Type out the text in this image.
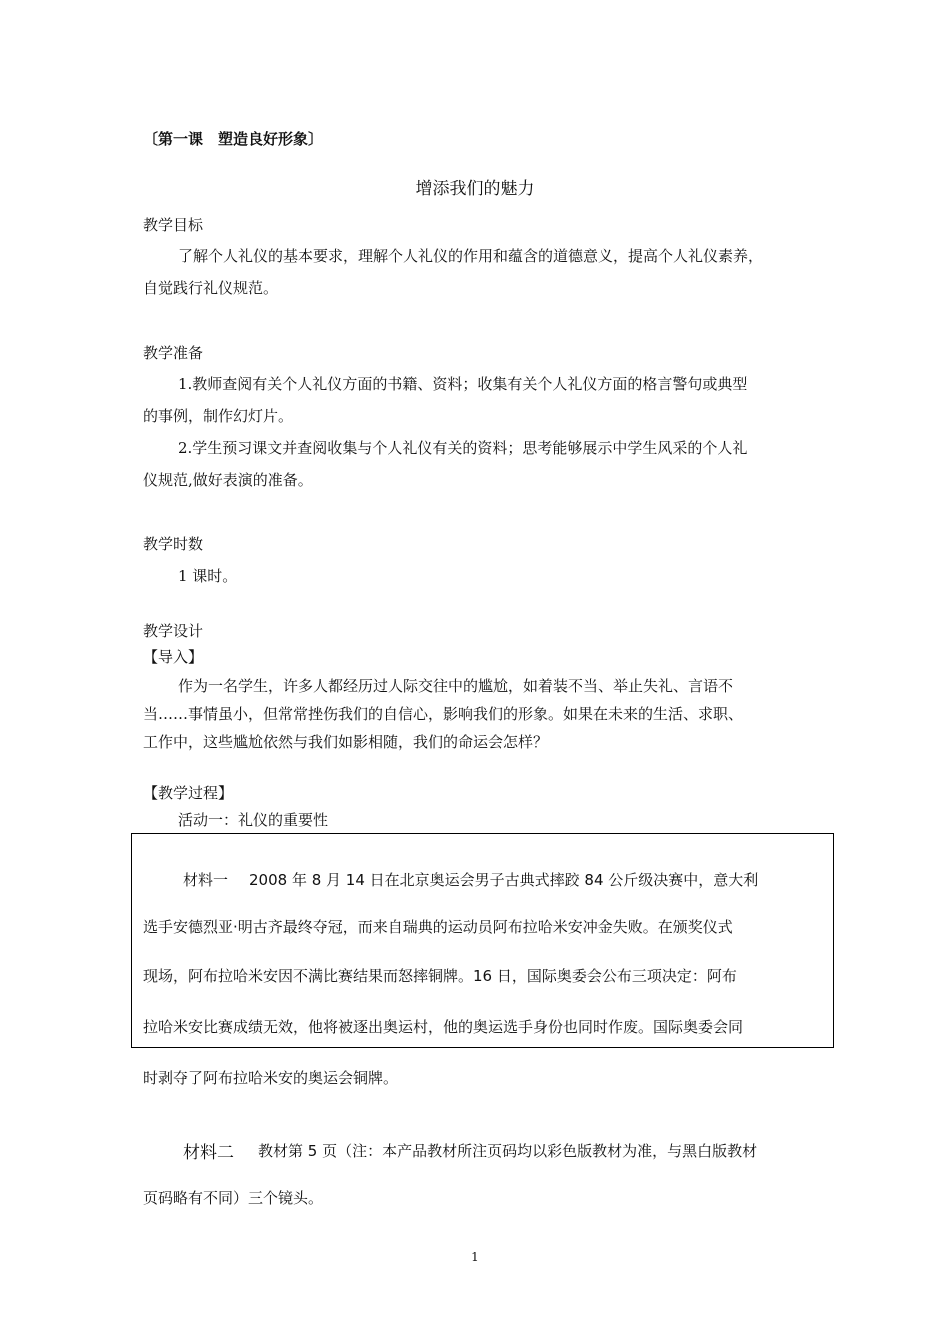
〔第一课　塑造良好形象〕
增添我们的魅力
教学目标
了解个人礼仪的基本要求，理解个人礼仪的作用和蕴含的道德意义，提高个人礼仪素养，
自觉践行礼仪规范。
教学准备
1.教师查阅有关个人礼仪方面的书籍、资料；收集有关个人礼仪方面的格言警句或典型
的事例，制作幻灯片。
2.学生预习课文并查阅收集与个人礼仪有关的资料；思考能够展示中学生风采的个人礼
仪规范,做好表演的准备。
教学时数
1 课时。
教学设计
【导入】
作为一名学生，许多人都经历过人际交往中的尴尬，如着装不当、举止失礼、言语不
当……事情虽小，但常常挫伤我们的自信心，影响我们的形象。如果在未来的生活、求职、
工作中，这些尴尬依然与我们如影相随，我们的命运会怎样？
【教学过程】
活动一：礼仪的重要性
材料一 2008 年 8 月 14 日在北京奥运会男子古典式摔跤 84 公斤级决赛中，意大利
选手安德烈亚·明古齐最终夺冠，而来自瑞典的运动员阿布拉哈米安冲金失败。在颁奖仪式
现场，阿布拉哈米安因不满比赛结果而怒摔铜牌。16 日，国际奥委会公布三项决定：阿布
拉哈米安比赛成绩无效，他将被逐出奥运村，他的奥运选手身份也同时作废。国际奥委会同
时剥夺了阿布拉哈米安的奥运会铜牌。
材料二 教材第 5 页（注：本产品教材所注页码均以彩色版教材为准，与黑白版教材
页码略有不同）三个镜头。
1
